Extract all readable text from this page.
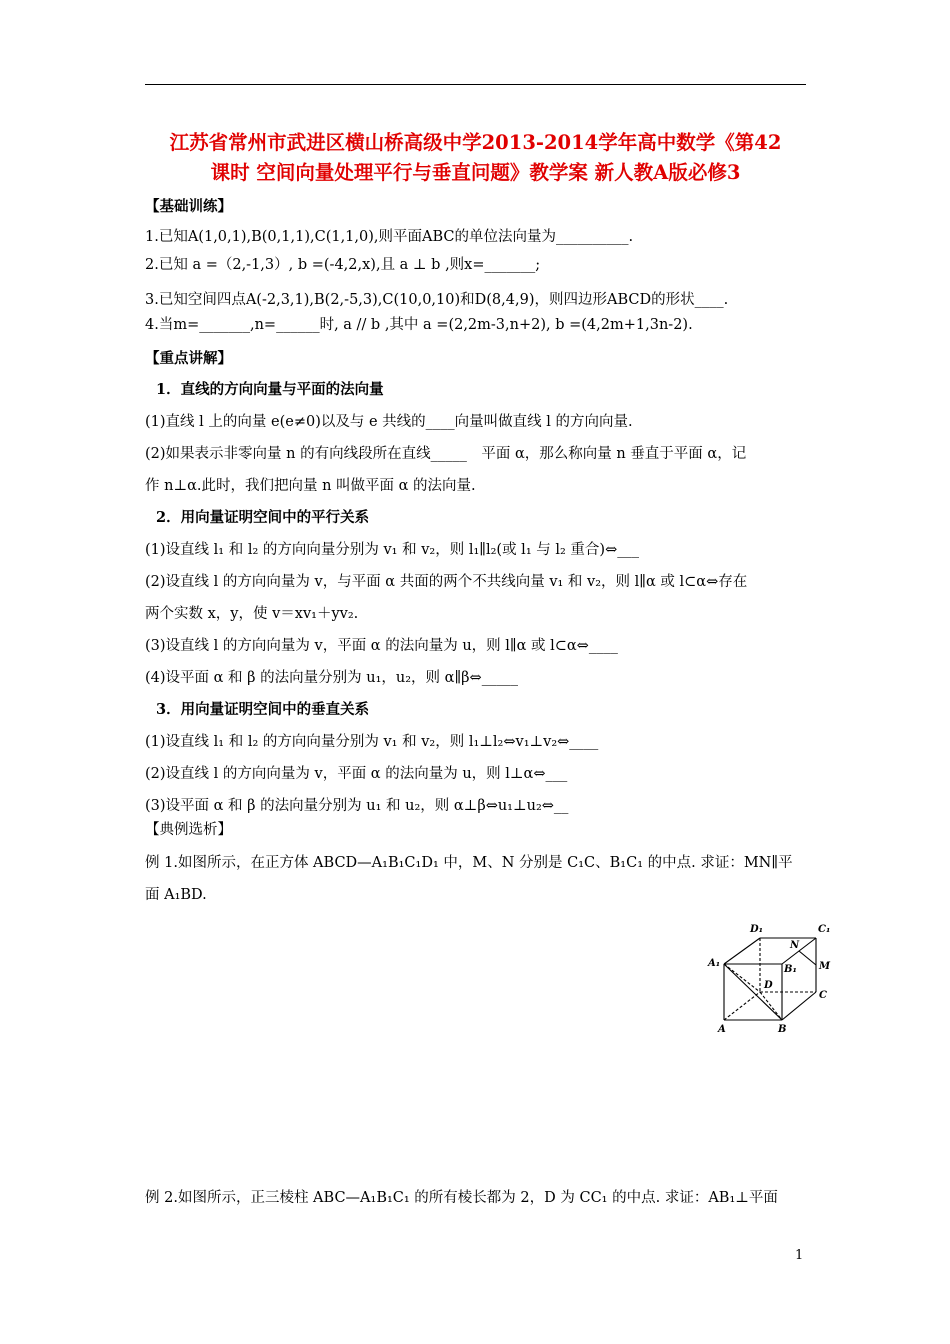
江苏省常州市武进区横山桥高级中学2013-2014学年高中数学《第42
课时 空间向量处理平行与垂直问题》教学案 新人教A版必修3
【基础训练】
1.已知A(1,0,1),B(0,1,1),C(1,1,0),则平面ABC的单位法向量为__________.
2.已知 a =（2,-1,3）, b =(-4,2,x),且 a ⊥ b ,则x=_______;
3.已知空间四点A(-2,3,1),B(2,-5,3),C(10,0,10)和D(8,4,9)，则四边形ABCD的形状____.
4.当m=_______,n=______时, a // b ,其中 a =(2,2m-3,n+2), b =(4,2m+1,3n-2).
【重点讲解】
1．直线的方向向量与平面的法向量
(1)直线 l 上的向量 e(e≠0)以及与 e 共线的____向量叫做直线 l 的方向向量.
(2)如果表示非零向量 n 的有向线段所在直线_____　平面 α，那么称向量 n 垂直于平面 α，记
作 n⊥α.此时，我们把向量 n 叫做平面 α 的法向量.
2．用向量证明空间中的平行关系
(1)设直线 l₁ 和 l₂ 的方向向量分别为 v₁ 和 v₂，则 l₁∥l₂(或 l₁ 与 l₂ 重合)⇔___
(2)设直线 l 的方向向量为 v，与平面 α 共面的两个不共线向量 v₁ 和 v₂，则 l∥α 或 l⊂α⇔存在
两个实数 x，y，使 v＝xv₁＋yv₂.
(3)设直线 l 的方向向量为 v，平面 α 的法向量为 u，则 l∥α 或 l⊂α⇔____
(4)设平面 α 和 β 的法向量分别为 u₁，u₂，则 α∥β⇔_____
3．用向量证明空间中的垂直关系
(1)设直线 l₁ 和 l₂ 的方向向量分别为 v₁ 和 v₂，则 l₁⊥l₂⇔v₁⊥v₂⇔____
(2)设直线 l 的方向向量为 v，平面 α 的法向量为 u，则 l⊥α⇔___
(3)设平面 α 和 β 的法向量分别为 u₁ 和 u₂，则 α⊥β⇔u₁⊥u₂⇔__
【典例选析】
例 1.如图所示，在正方体 ABCD—A₁B₁C₁D₁ 中，M、N 分别是 C₁C、B₁C₁ 的中点. 求证：MN∥平
面 A₁BD.
D₁	C₁
N
A₁
B₁ M
D
C
A	B
例 2.如图所示，正三棱柱 ABC—A₁B₁C₁ 的所有棱长都为 2，D 为 CC₁ 的中点. 求证：AB₁⊥平面
1
